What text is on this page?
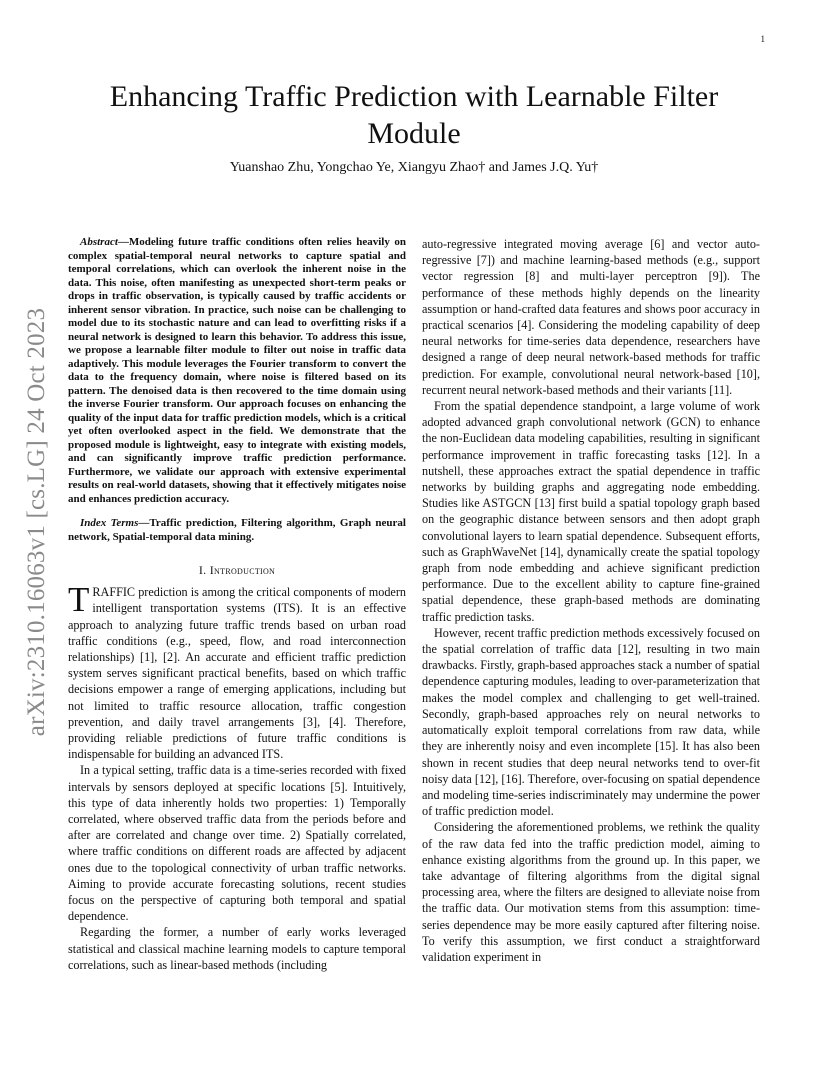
1
arXiv:2310.16063v1 [cs.LG] 24 Oct 2023
Enhancing Traffic Prediction with Learnable Filter Module
Yuanshao Zhu, Yongchao Ye, Xiangyu Zhao† and James J.Q. Yu†

Abstract—Modeling future traffic conditions often relies heavily on complex spatial-temporal neural networks to capture spatial and temporal correlations, which can overlook the inherent noise in the data. This noise, often manifesting as unexpected short-term peaks or drops in traffic observation, is typically caused by traffic accidents or inherent sensor vibration. In practice, such noise can be challenging to model due to its stochastic nature and can lead to overfitting risks if a neural network is designed to learn this behavior. To address this issue, we propose a learnable filter module to filter out noise in traffic data adaptively. This module leverages the Fourier transform to convert the data to the frequency domain, where noise is filtered based on its pattern. The denoised data is then recovered to the time domain using the inverse Fourier transform. Our approach focuses on enhancing the quality of the input data for traffic prediction models, which is a critical yet often overlooked aspect in the field. We demonstrate that the proposed module is lightweight, easy to integrate with existing models, and can significantly improve traffic prediction performance. Furthermore, we validate our approach with extensive experimental results on real-world datasets, showing that it effectively mitigates noise and enhances prediction accuracy.

Index Terms—Traffic prediction, Filtering algorithm, Graph neural network, Spatial-temporal data mining.

I. Introduction

TRAFFIC prediction is among the critical components of modern intelligent transportation systems (ITS). It is an effective approach to analyzing future traffic trends based on urban road traffic conditions (e.g., speed, flow, and road interconnection relationships) [1], [2]. An accurate and efficient traffic prediction system serves significant practical benefits, based on which traffic decisions empower a range of emerging applications, including but not limited to traffic resource allocation, traffic congestion prevention, and daily travel arrangements [3], [4]. Therefore, providing reliable predictions of future traffic conditions is indispensable for building an advanced ITS.

In a typical setting, traffic data is a time-series recorded with fixed intervals by sensors deployed at specific locations [5]. Intuitively, this type of data inherently holds two properties: 1) Temporally correlated, where observed traffic data from the periods before and after are correlated and change over time. 2) Spatially correlated, where traffic conditions on different roads are affected by adjacent ones due to the topological connectivity of urban traffic networks. Aiming to provide accurate forecasting solutions, recent studies focus on the perspective of capturing both temporal and spatial dependence.

Regarding the former, a number of early works leveraged statistical and classical machine learning models to capture temporal correlations, such as linear-based methods (including

auto-regressive integrated moving average [6] and vector auto-regressive [7]) and machine learning-based methods (e.g., support vector regression [8] and multi-layer perceptron [9]). The performance of these methods highly depends on the linearity assumption or hand-crafted data features and shows poor accuracy in practical scenarios [4]. Considering the modeling capability of deep neural networks for time-series data dependence, researchers have designed a range of deep neural network-based methods for traffic prediction. For example, convolutional neural network-based [10], recurrent neural network-based methods and their variants [11].

From the spatial dependence standpoint, a large volume of work adopted advanced graph convolutional network (GCN) to enhance the non-Euclidean data modeling capabilities, resulting in significant performance improvement in traffic forecasting tasks [12]. In a nutshell, these approaches extract the spatial dependence in traffic networks by building graphs and aggregating node embedding. Studies like ASTGCN [13] first build a spatial topology graph based on the geographic distance between sensors and then adopt graph convolutional layers to learn spatial dependence. Subsequent efforts, such as GraphWaveNet [14], dynamically create the spatial topology graph from node embedding and achieve significant prediction performance. Due to the excellent ability to capture fine-grained spatial dependence, these graph-based methods are dominating traffic prediction tasks.

However, recent traffic prediction methods excessively focused on the spatial correlation of traffic data [12], resulting in two main drawbacks. Firstly, graph-based approaches stack a number of spatial dependence capturing modules, leading to over-parameterization that makes the model complex and challenging to get well-trained. Secondly, graph-based approaches rely on neural networks to automatically exploit temporal correlations from raw data, while they are inherently noisy and even incomplete [15]. It has also been shown in recent studies that deep neural networks tend to over-fit noisy data [12], [16]. Therefore, over-focusing on spatial dependence and modeling time-series indiscriminately may undermine the power of traffic prediction model.

Considering the aforementioned problems, we rethink the quality of the raw data fed into the traffic prediction model, aiming to enhance existing algorithms from the ground up. In this paper, we take advantage of filtering algorithms from the digital signal processing area, where the filters are designed to alleviate noise from the traffic data. Our motivation stems from this assumption: time-series dependence may be more easily captured after filtering noise. To verify this assumption, we first conduct a straightforward validation experiment in
